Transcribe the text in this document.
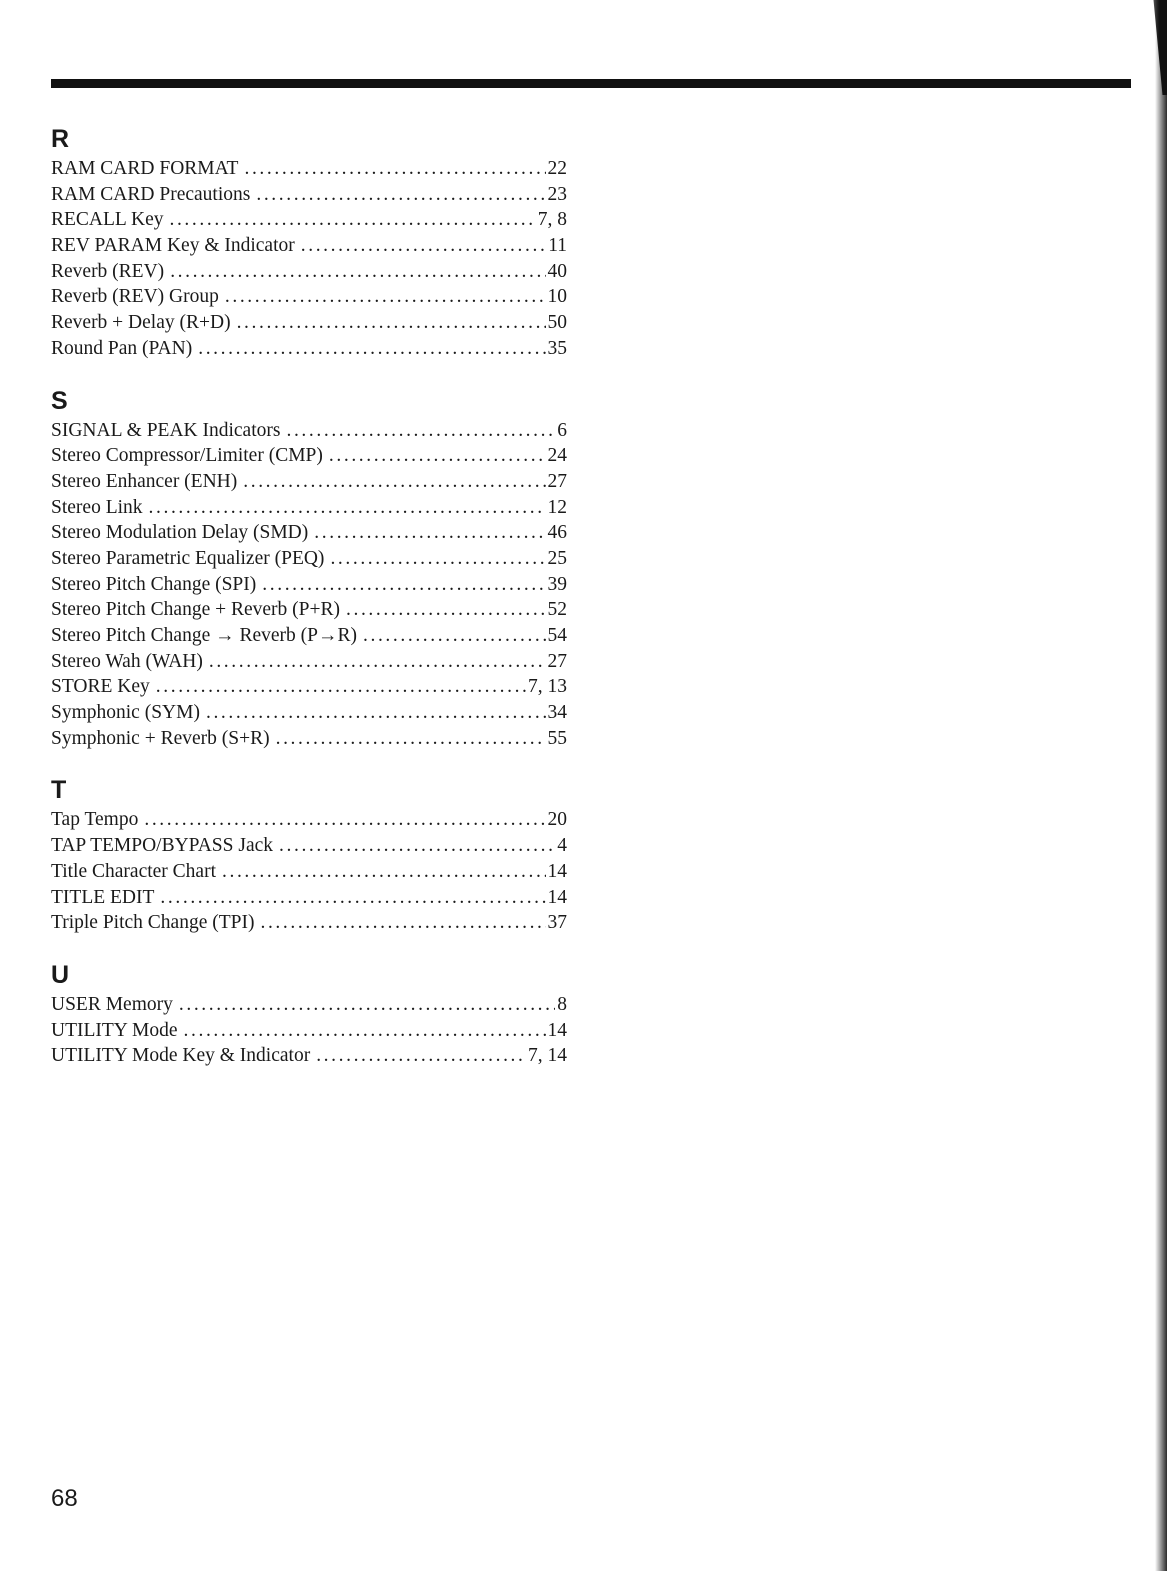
R
RAM CARD FORMAT .....	22
RAM CARD Precautions .....	23
RECALL Key .....	7, 8
REV PARAM Key & Indicator .....	11
Reverb (REV) .....	40
Reverb (REV) Group .....	10
Reverb + Delay (R+D) .....	50
Round Pan (PAN) .....	35
S
SIGNAL & PEAK Indicators .....	6
Stereo Compressor/Limiter (CMP) .....	24
Stereo Enhancer (ENH) .....	27
Stereo Link .....	12
Stereo Modulation Delay (SMD) .....	46
Stereo Parametric Equalizer (PEQ) .....	25
Stereo Pitch Change (SPI) .....	39
Stereo Pitch Change + Reverb (P+R) .....	52
Stereo Pitch Change → Reverb (P→R) .....	54
Stereo Wah (WAH) .....	27
STORE Key .....	7, 13
Symphonic (SYM) .....	34
Symphonic + Reverb (S+R) .....	55
T
Tap Tempo .....	20
TAP TEMPO/BYPASS Jack .....	4
Title Character Chart .....	14
TITLE EDIT .....	14
Triple Pitch Change (TPI) .....	37
U
USER Memory .....	8
UTILITY Mode .....	14
UTILITY Mode Key & Indicator .....	7, 14
68
